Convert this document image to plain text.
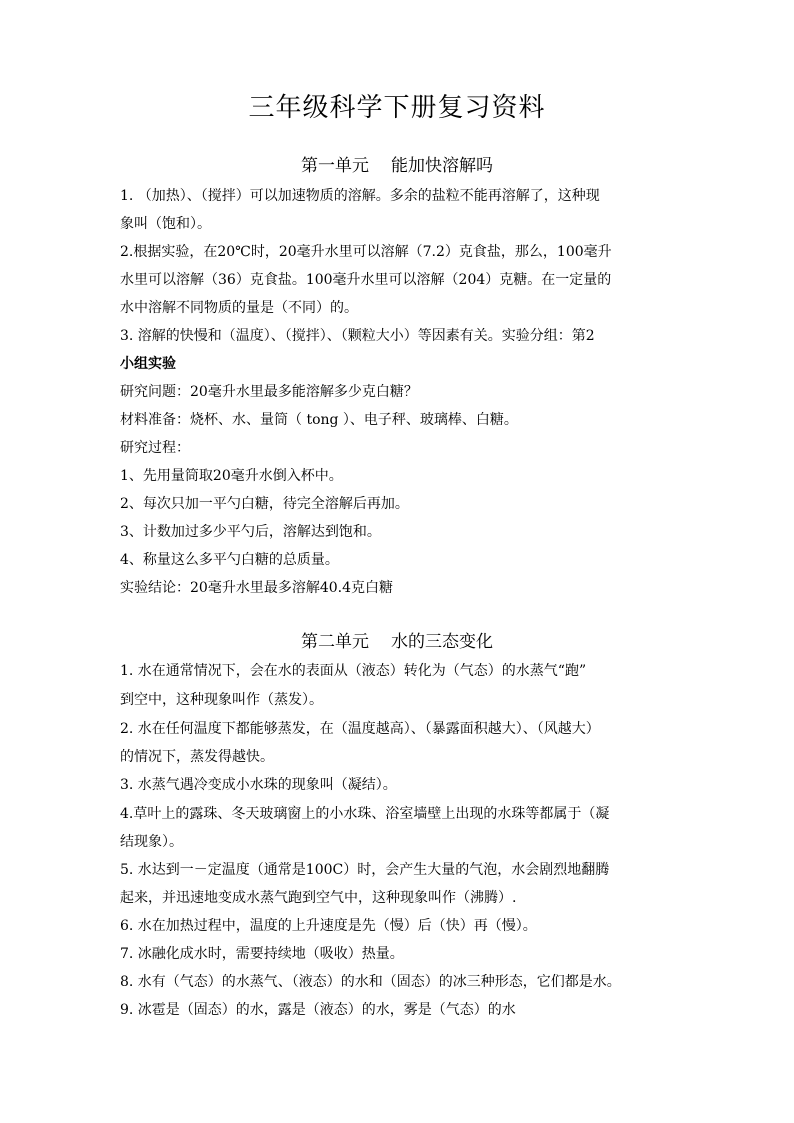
三年级科学下册复习资料
第一单元 能加快溶解吗
1. （加热）、（搅拌）可以加速物质的溶解。多余的盐粒不能再溶解了，这种现
象叫（饱和）。
2.根据实验，在20℃时，20毫升水里可以溶解（7.2）克食盐，那么，100毫升
水里可以溶解（36）克食盐。100毫升水里可以溶解（204）克糖。在一定量的
水中溶解不同物质的量是（不同）的。
3. 溶解的快慢和（温度）、（搅拌）、（颗粒大小）等因素有关。实验分组：第2
小组实验
研究问题：20毫升水里最多能溶解多少克白糖？
材料准备：烧杯、水、量筒（ tong ）、电子秤、玻璃棒、白糖。
研究过程：
1、先用量筒取20毫升水倒入杯中。
2、每次只加一平勺白糖，待完全溶解后再加。
3、计数加过多少平勺后，溶解达到饱和。
4、称量这么多平勺白糖的总质量。
实验结论：20毫升水里最多溶解40.4克白糖
第二单元 水的三态变化
1. 水在通常情况下，会在水的表面从（液态）转化为（气态）的水蒸气“跑”
到空中，这种现象叫作（蒸发）。
2. 水在任何温度下都能够蒸发，在（温度越高）、（暴露面积越大）、（风越大）
的情况下，蒸发得越快。
3. 水蒸气遇冷变成小水珠的现象叫（凝结）。
4.草叶上的露珠、冬天玻璃窗上的小水珠、浴室墙壁上出现的水珠等都属于（凝
结现象）。
5. 水达到一－定温度（通常是100C）时，会产生大量的气泡，水会剧烈地翻腾
起来，并迅速地变成水蒸气跑到空气中，这种现象叫作（沸腾）.
6. 水在加热过程中，温度的上升速度是先（慢）后（快）再（慢）。
7. 冰融化成水时，需要持续地（吸收）热量。
8. 水有（气态）的水蒸气、（液态）的水和（固态）的冰三种形态，它们都是水。
9. 冰雹是（固态）的水，露是（液态）的水，雾是（气态）的水
